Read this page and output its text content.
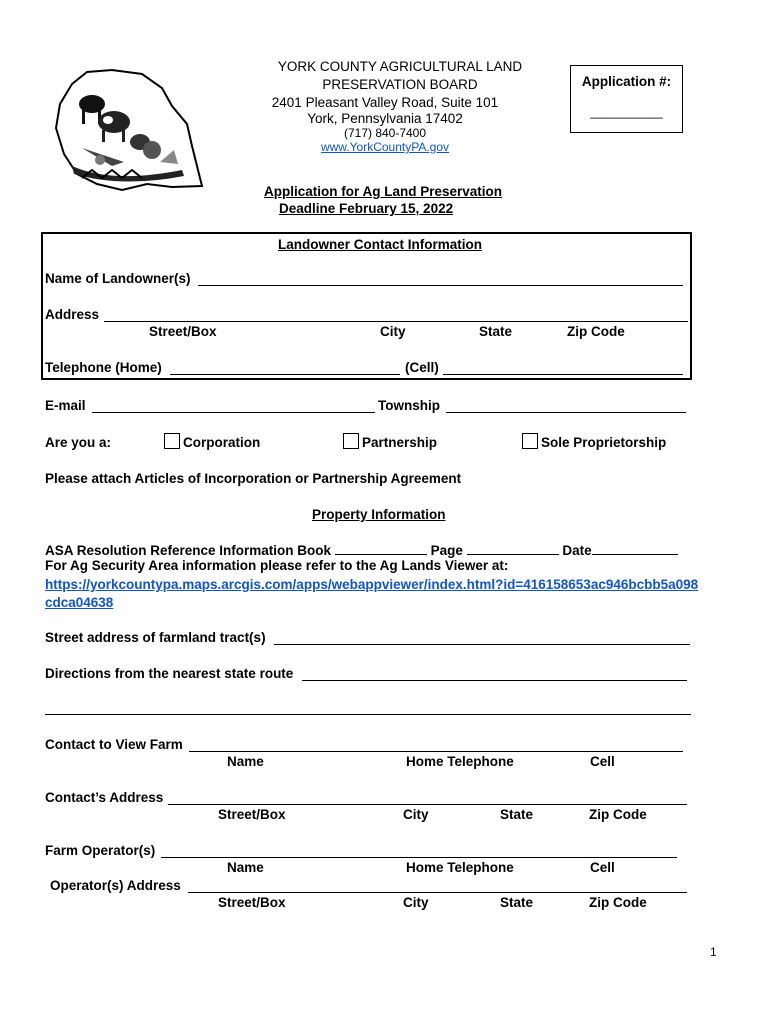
YORK COUNTY AGRICULTURAL LAND
PRESERVATION BOARD
2401 Pleasant Valley Road, Suite 101
York, Pennsylvania 17402
(717) 840-7400
www.YorkCountyPA.gov
Application #:
__________
Application for Ag Land Preservation
Deadline February 15, 2022
Landowner Contact Information
Name of Landowner(s)
Address
Street/Box	City	State	Zip Code
Telephone (Home)	(Cell)
E-mail	Township
Are you a:	Corporation	Partnership	Sole Proprietorship
Please attach Articles of Incorporation or Partnership Agreement
Property Information
ASA Resolution Reference Information Book	Page	Date
For Ag Security Area information please refer to the Ag Lands Viewer at:
https://yorkcountypa.maps.arcgis.com/apps/webappviewer/index.html?id=416158653ac946bcbb5a098
cdca04638
Street address of farmland tract(s)
Directions from the nearest state route
Contact to View Farm
Name	Home Telephone	Cell
Contact’s Address
Street/Box	City	State	Zip Code
Farm Operator(s)
Name	Home Telephone	Cell
Operator(s) Address
Street/Box	City	State	Zip Code
1
